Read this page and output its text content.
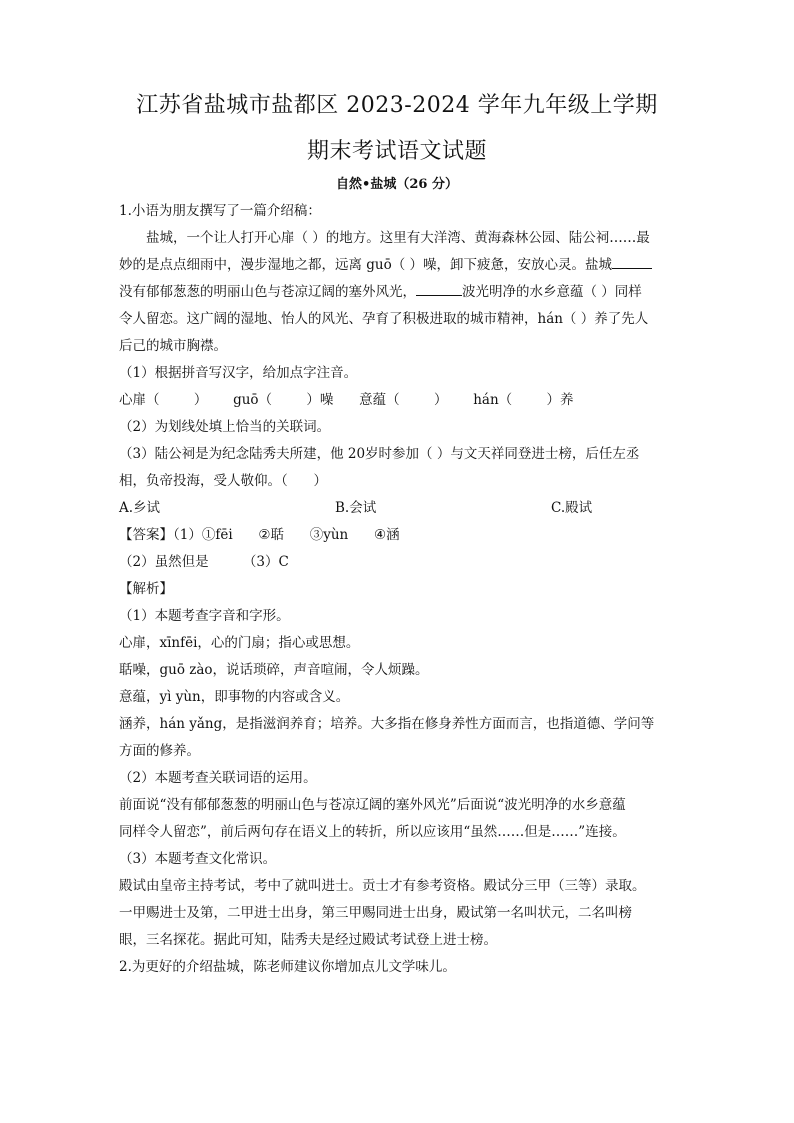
江苏省盐城市盐都区 2023-2024 学年九年级上学期
期末考试语文试题
自然•盐城（26 分）

1.小语为朋友撰写了一篇介绍稿：

盐城，一个让人打开心扉（ ）的地方。这里有大洋湾、黄海森林公园、陆公祠……最

妙的是点点细雨中，漫步湿地之都，远离 guō（ ）噪，卸下疲惫，安放心灵。盐城

没有郁郁葱葱的明丽山色与苍凉辽阔的塞外风光，	波光明净的水乡意蕴（ ）同样

令人留恋。这广阔的湿地、怡人的风光、孕育了积极进取的城市精神，hán（ ）养了先人

后己的城市胸襟。

（1）根据拼音写汉字，给加点字注音。

心扉（        ）      guō（        ）噪      意蕴（        ）      hán（        ）养

（2）为划线处填上恰当的关联词。

（3）陆公祠是为纪念陆秀夫所建，他 20岁时参加（ ）与文天祥同登进士榜，后任左丞

相，负帝投海，受人敬仰。（      ）

A.乡试	B.会试	C.殿试

【答案】（1）①fēi      ②聒      ③yùn      ④涵

（2）虽然但是        （3）C

【解析】

（1）本题考查字音和字形。

心扉，xīnfēi，心的门扇；指心或思想。

聒噪，guō zào，说话琐碎，声音喧闹，令人烦躁。

意蕴，yì yùn，即事物的内容或含义。

涵养，hán yǎng，是指滋润养育；培养。大多指在修身养性方面而言，也指道德、学问等

方面的修养。

（2）本题考查关联词语的运用。

前面说“没有郁郁葱葱的明丽山色与苍凉辽阔的塞外风光”后面说“波光明净的水乡意蕴

同样令人留恋”，前后两句存在语义上的转折，所以应该用“虽然……但是……”连接。

（3）本题考查文化常识。

殿试由皇帝主持考试，考中了就叫进士。贡士才有参考资格。殿试分三甲（三等）录取。

一甲赐进士及第，二甲进士出身，第三甲赐同进士出身，殿试第一名叫状元，二名叫榜

眼，三名探花。据此可知，陆秀夫是经过殿试考试登上进士榜。

2.为更好的介绍盐城，陈老师建议你增加点儿文学味儿。
